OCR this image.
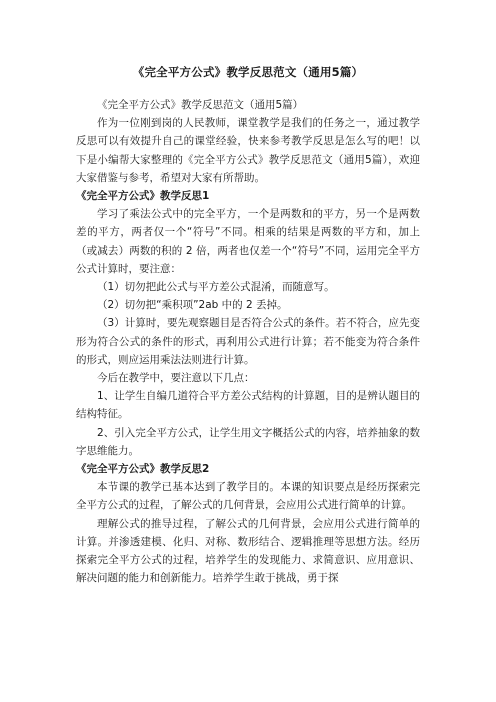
《完全平方公式》教学反思范文（通用5篇）

《完全平方公式》教学反思范文（通用5篇）

作为一位刚到岗的人民教师，课堂教学是我们的任务之一，通过教学反思可以有效提升自己的课堂经验，快来参考教学反思是怎么写的吧！以下是小编帮大家整理的《完全平方公式》教学反思范文（通用5篇），欢迎大家借鉴与参考，希望对大家有所帮助。

《完全平方公式》教学反思1

学习了乘法公式中的完全平方，一个是两数和的平方，另一个是两数差的平方，两者仅一个“符号”不同。相乘的结果是两数的平方和，加上（或减去）两数的积的 2 倍，两者也仅差一个“符号”不同，运用完全平方公式计算时，要注意：

（1）切勿把此公式与平方差公式混淆，而随意写。

（2）切勿把“乘积项”2ab 中的 2 丢掉。

（3）计算时，要先观察题目是否符合公式的条件。若不符合，应先变形为符合公式的条件的形式，再利用公式进行计算；若不能变为符合条件的形式，则应运用乘法法则进行计算。

今后在教学中，要注意以下几点：

1、让学生自编几道符合平方差公式结构的计算题，目的是辨认题目的结构特征。

2、引入完全平方公式，让学生用文字概括公式的内容，培养抽象的数字思维能力。

《完全平方公式》教学反思2

本节课的教学已基本达到了教学目的。本课的知识要点是经历探索完全平方公式的过程，了解公式的几何背景，会应用公式进行简单的计算。

理解公式的推导过程，了解公式的几何背景，会应用公式进行简单的计算。并渗透建模、化归、对称、数形结合、逻辑推理等思想方法。经历探索完全平方公式的过程，培养学生的发现能力、求简意识、应用意识、解决问题的能力和创新能力。培养学生敢于挑战，勇于探
